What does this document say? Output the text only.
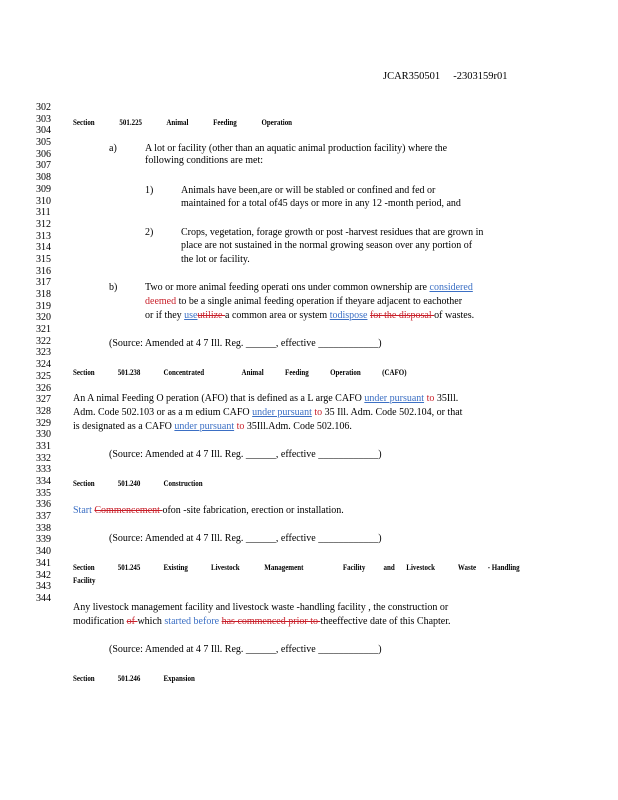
JCAR350501     -2303159r01
302
303
304
305
306
307
308
309
310
311
312
313
314
315
316
317
318
319
320
321
322
323
324
325
326
327
328
329
330
331
332
333
334
335
336
337
338
339
340
341
342
343
344
Section	501.225	Animal	Feeding	Operation
a)	A lot or facility (other than an aquatic animal production facility) where the
following conditions are met:
1)	Animals have been,are or will be stabled or confined and fed or
maintained for a total of45 days or more in any 12 -month period, and
2)	Crops, vegetation, forage growth or post -harvest residues that are grown in
place are not sustained in the normal growing season over any portion of
the lot or facility.
b)	Two or more animal feeding operati ons under common ownership are considered
deemed to be a single animal feeding operation if theyare adjacent to eachother
or if they useutilize a common area or system todispose for the disposal of wastes.
(Source: Amended at 4 7 Ill. Reg. ______, effective ____________)
Section	501.238	Concentrated	Animal	Feeding	Operation	(CAFO)
An A nimal Feeding O peration (AFO) that is defined as a L arge CAFO under pursuant to 35Ill.
Adm. Code 502.103 or as a m edium CAFO under pursuant to 35 Ill. Adm. Code 502.104, or that
is designated as a CAFO under pursuant to 35Ill.Adm. Code 502.106.
(Source: Amended at 4 7 Ill. Reg. ______, effective ____________)
Section	501.240	Construction
Start Commencement ofon -site fabrication, erection or installation.
(Source: Amended at 4 7 Ill. Reg. ______, effective ____________)
Section	501.245	Existing	Livestock	Management	Facility and Livestock	Waste - Handling
Facility
Any livestock management facility and livestock waste -handling facility , the construction or
modification of which started before has commenced prior to theeffective date of this Chapter.
(Source: Amended at 4 7 Ill. Reg. ______, effective ____________)
Section	501.246	Expansion
